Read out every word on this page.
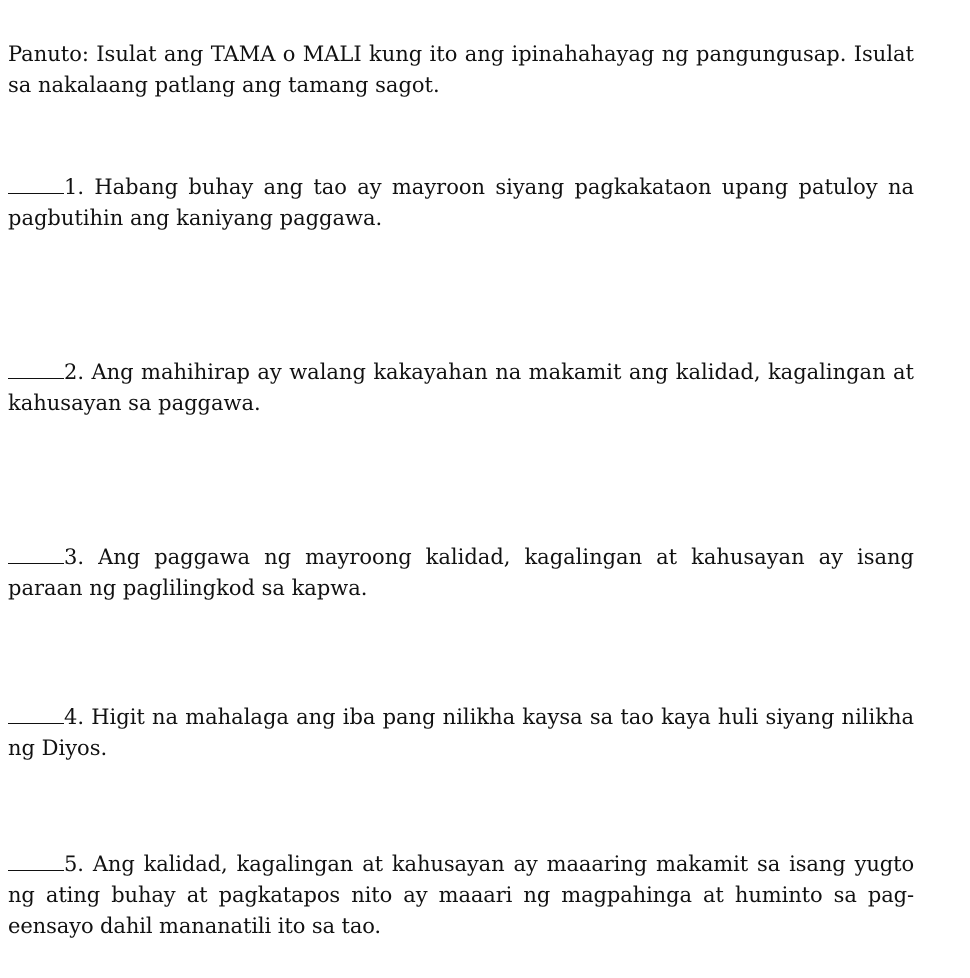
Panuto: Isulat ang TAMA o MALI kung ito ang ipinahahayag ng pangungusap. Isulat sa nakalaang patlang ang tamang sagot.

1. Habang buhay ang tao ay mayroon siyang pagkakataon upang patuloy na pagbutihin ang kaniyang paggawa.

2. Ang mahihirap ay walang kakayahan na makamit ang kalidad, kagalingan at kahusayan sa paggawa.

3. Ang paggawa ng mayroong kalidad, kagalingan at kahusayan ay isang paraan ng paglilingkod sa kapwa.

4. Higit na mahalaga ang iba pang nilikha kaysa sa tao kaya huli siyang nilikha ng Diyos.

5. Ang kalidad, kagalingan at kahusayan ay maaaring makamit sa isang yugto ng ating buhay at pagkatapos nito ay maaari ng magpahinga at huminto sa pag-eensayo dahil mananatili ito sa tao.
